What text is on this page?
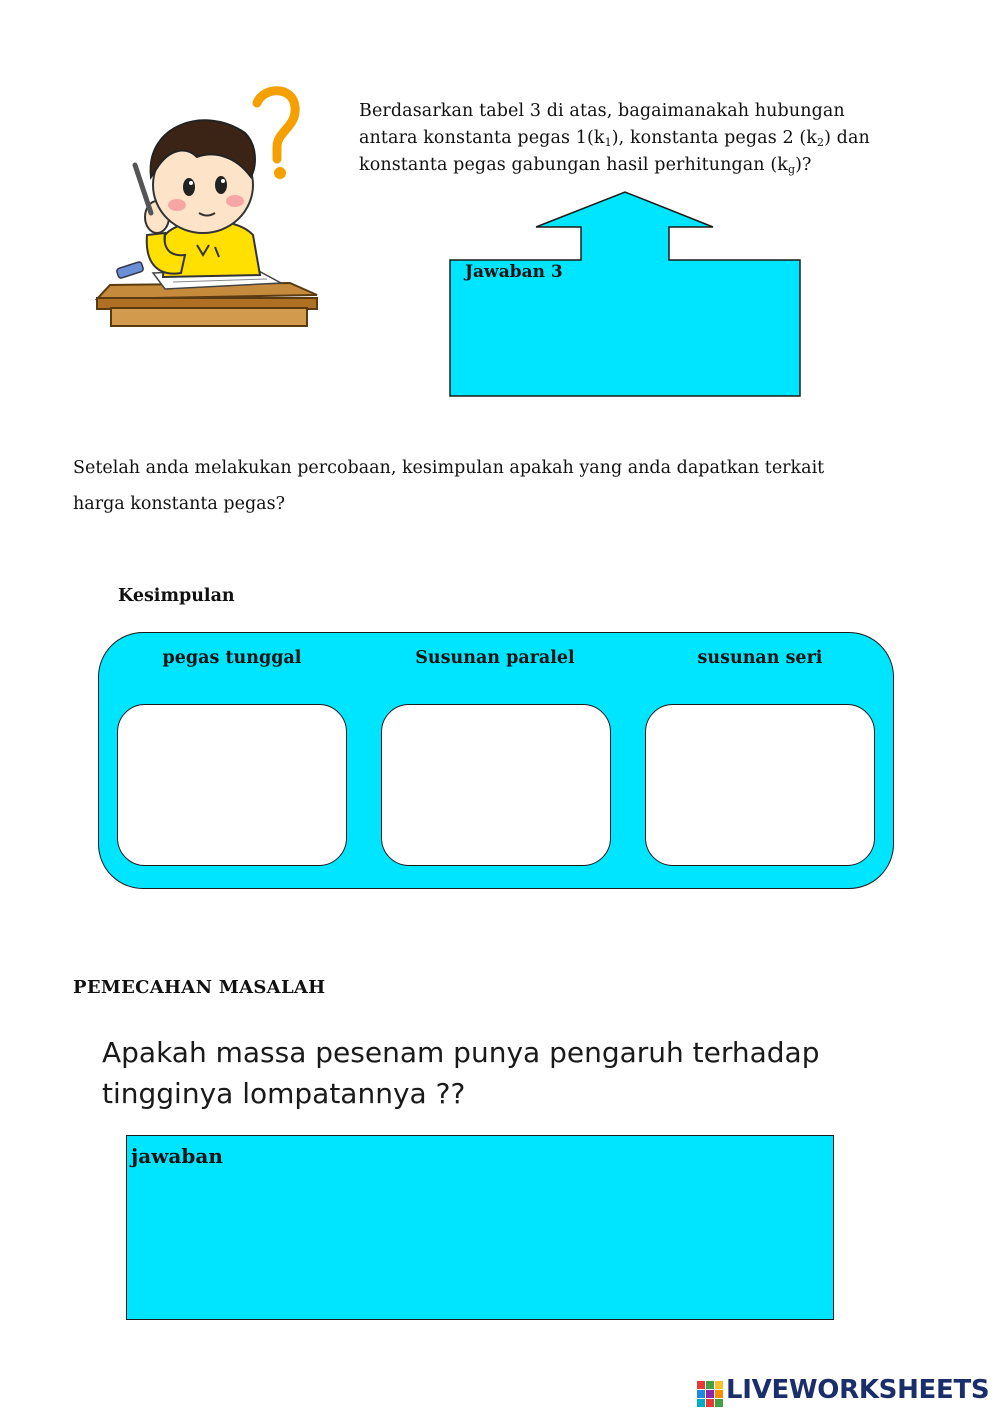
Berdasarkan tabel 3 di atas, bagaimanakah hubungan
antara konstanta pegas $1(k_1)$, konstanta pegas 2 $(k_2)$ dan
konstanta pegas gabungan hasil perhitungan $(k_g)$?
Jawaban 3
Setelah anda melakukan percobaan, kesimpulan apakah yang anda dapatkan terkait
harga konstanta pegas?
Kesimpulan
pegas tunggal	Susunan paralel	susunan seri
PEMECAHAN MASALAH
Apakah massa pesenam punya pengaruh terhadap
tingginya lompatannya ??
jawaban
LIVEWORKSHEETS
